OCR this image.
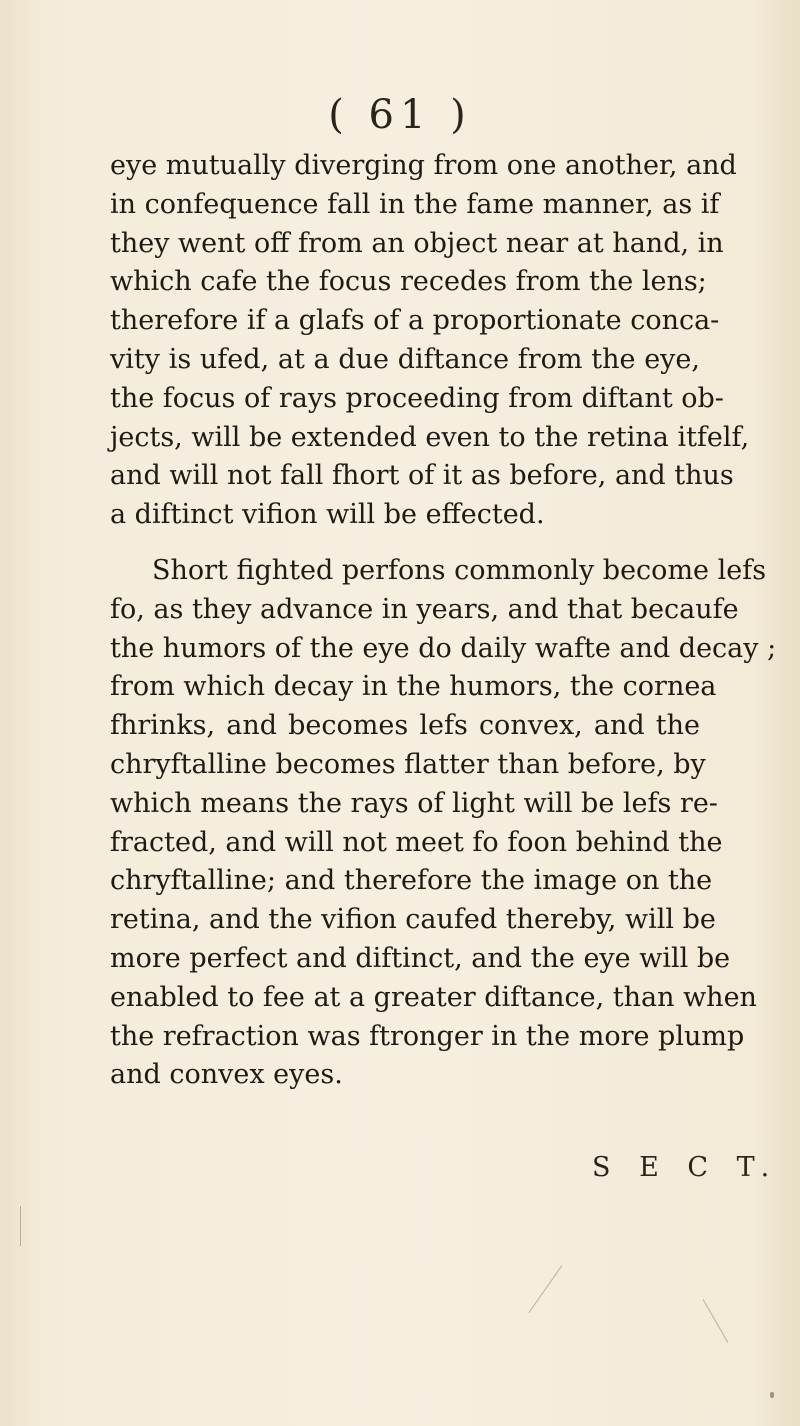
( 61 )
eye mutually diverging from one another, and
in confequence fall in the fame manner, as if
they went off from an object near at hand, in
which cafe the focus recedes from the lens;
therefore if a glafs of a proportionate conca-
vity is ufed, at a due diftance from the eye,
the focus of rays proceeding from diftant ob-
jects, will be extended even to the retina itfelf,
and will not fall fhort of it as before, and thus
a diftinct vifion will be effected.
Short fighted perfons commonly become lefs
fo, as they advance in years, and that becaufe
the humors of the eye do daily wafte and decay ;
from which decay in the humors, the cornea
fhrinks, and becomes lefs convex, and the
chryftalline becomes flatter than before, by
which means the rays of light will be lefs re-
fracted, and will not meet fo foon behind the
chryftalline; and therefore the image on the
retina, and the vifion caufed thereby, will be
more perfect and diftinct, and the eye will be
enabled to fee at a greater diftance, than when
the refraction was ftronger in the more plump
and convex eyes.
S E C T.
